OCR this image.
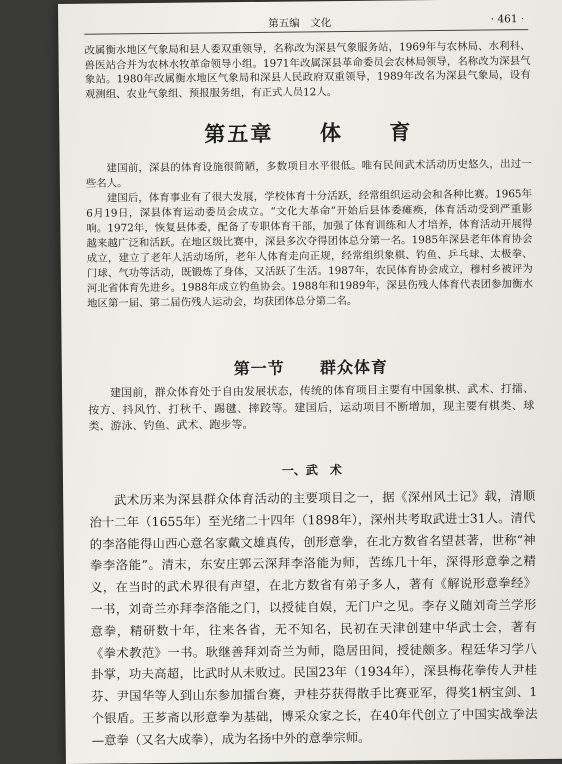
第五编　文化	· 461 ·

改属衡水地区气象局和县人委双重领导，名称改为深县气象服务站，1969年与农林局、水利科、兽医站合并为农林水牧革命领导小组。1971年改属深县革命委员会农林局领导，名称改为深县气象站。1980年改属衡水地区气象局和深县人民政府双重领导，1989年改名为深县气象局，设有观测组、农业气象组、预报服务组，有正式人员12人。

第五章 体 育

建国前，深县的体育设施很简陋，多数项目水平很低。唯有民间武术活动历史悠久，出过一些名人。

建国后，体育事业有了很大发展，学校体育十分活跃，经常组织运动会和各种比赛。1965年6月19日，深县体育运动委员会成立。“文化大革命”开始后县体委瘫痪，体育活动受到严重影响。1972年，恢复县体委，配备了专职体育干部，加强了体育训练和人才培养，体育活动开展得越来越广泛和活跃。在地区级比赛中，深县多次夺得团体总分第一名。1985年深县老年体育协会成立，建立了老年人活动场所，老年人体育走向正规，经常组织象棋、钓鱼、乒乓球、太极拳、门球、气功等活动，既锻炼了身体，又活跃了生活。1987年，农民体育协会成立，穆村乡被评为河北省体育先进乡。1988年成立钓鱼协会。1988年和1989年，深县伤残人体育代表团参加衡水地区第一届、第二届伤残人运动会，均获团体总分第二名。

第一节 群众体育

建国前，群众体育处于自由发展状态，传统的体育项目主要有中国象棋、武术、打擂、按方、抖风竹、打秋千、踢毽、摔跤等。建国后，运动项目不断增加，现主要有棋类、球类、游泳、钓鱼、武术、跑步等。

一、武　术

武术历来为深县群众体育活动的主要项目之一，据《深州风土记》载，清顺治十二年（1655年）至光绪二十四年（1898年），深州共考取武进士31人。清代的李洛能得山西心意名家戴文雄真传，创形意拳，在北方数省名望甚著，世称“神拳李洛能”。清末，东安庄郭云深拜李洛能为师，苦练几十年，深得形意拳之精义，在当时的武术界很有声望，在北方数省有弟子多人，著有《解说形意拳经》一书，刘奇兰亦拜李洛能之门，以授徒自娱，无门户之见。李存义随刘奇兰学形意拳，精研数十年，往来各省，无不知名，民初在天津创建中华武士会，著有《拳术教范》一书。耿继善拜刘奇兰为师，隐居田间，授徒颇多。程廷华习学八卦掌，功夫高超，比武时从未败过。民国23年（1934年），深县梅花拳传人尹桂芬、尹国华等人到山东参加擂台赛，尹桂芬获得散手比赛亚军，得奖1柄宝剑、1个银盾。王芗斋以形意拳为基础，博采众家之长，在40年代创立了中国实战拳法—意拳（又名大成拳），成为名扬中外的意拳宗师。
